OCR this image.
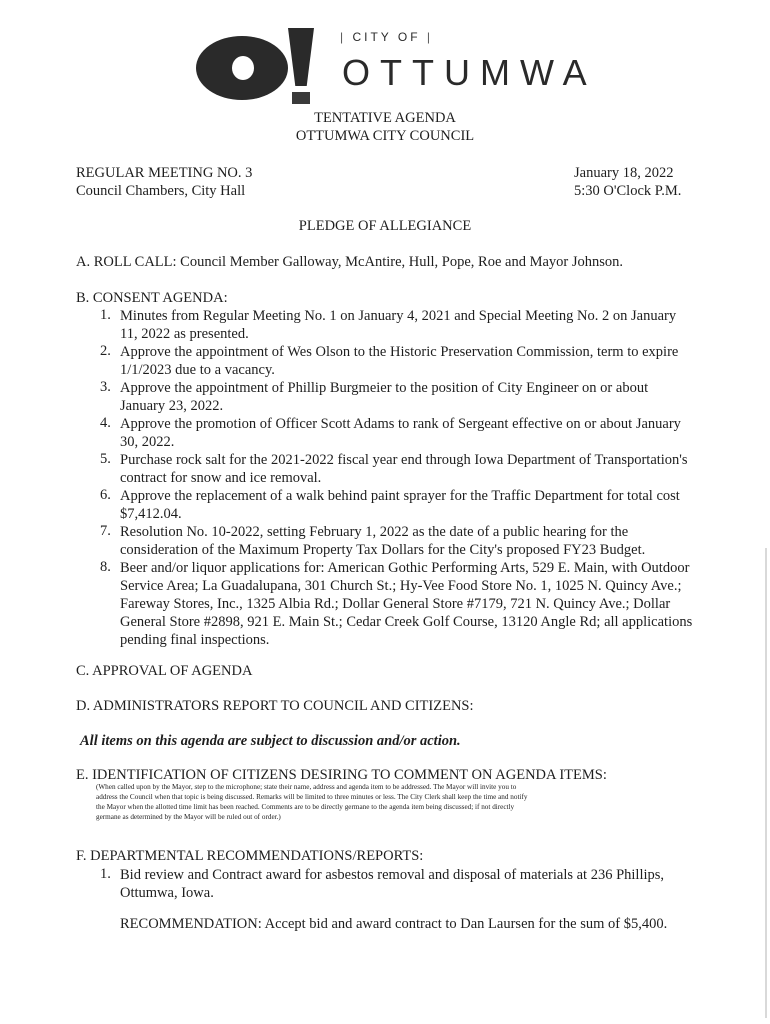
| CITY OF |
OTTUMWA
TENTATIVE AGENDA
OTTUMWA CITY COUNCIL
REGULAR MEETING NO. 3
Council Chambers, City Hall
January 18, 2022
5:30 O'Clock P.M.
PLEDGE OF ALLEGIANCE
A. ROLL CALL: Council Member Galloway, McAntire, Hull, Pope, Roe and Mayor Johnson.
B. CONSENT AGENDA:
1. Minutes from Regular Meeting No. 1 on January 4, 2021 and Special Meeting No. 2 on January
11, 2022 as presented.
2. Approve the appointment of Wes Olson to the Historic Preservation Commission, term to expire
1/1/2023 due to a vacancy.
3. Approve the appointment of Phillip Burgmeier to the position of City Engineer on or about
January 23, 2022.
4. Approve the promotion of Officer Scott Adams to rank of Sergeant effective on or about January
30, 2022.
5. Purchase rock salt for the 2021-2022 fiscal year end through Iowa Department of Transportation's
contract for snow and ice removal.
6. Approve the replacement of a walk behind paint sprayer for the Traffic Department for total cost
$7,412.04.
7. Resolution No. 10-2022, setting February 1, 2022 as the date of a public hearing for the
consideration of the Maximum Property Tax Dollars for the City's proposed FY23 Budget.
8. Beer and/or liquor applications for: American Gothic Performing Arts, 529 E. Main, with Outdoor
Service Area; La Guadalupana, 301 Church St.; Hy-Vee Food Store No. 1, 1025 N. Quincy Ave.;
Fareway Stores, Inc., 1325 Albia Rd.; Dollar General Store #7179, 721 N. Quincy Ave.; Dollar
General Store #2898, 921 E. Main St.; Cedar Creek Golf Course, 13120 Angle Rd; all applications
pending final inspections.
C. APPROVAL OF AGENDA
D. ADMINISTRATORS REPORT TO COUNCIL AND CITIZENS:
All items on this agenda are subject to discussion and/or action.
E. IDENTIFICATION OF CITIZENS DESIRING TO COMMENT ON AGENDA ITEMS:
(When called upon by the Mayor, step to the microphone; state their name, address and agenda item to be addressed. The Mayor will invite you to
address the Council when that topic is being discussed. Remarks will be limited to three minutes or less. The City Clerk shall keep the time and notify
the Mayor when the allotted time limit has been reached. Comments are to be directly germane to the agenda item being discussed; if not directly
germane as determined by the Mayor will be ruled out of order.)
F. DEPARTMENTAL RECOMMENDATIONS/REPORTS:
1. Bid review and Contract award for asbestos removal and disposal of materials at 236 Phillips,
Ottumwa, Iowa.
RECOMMENDATION: Accept bid and award contract to Dan Laursen for the sum of $5,400.
